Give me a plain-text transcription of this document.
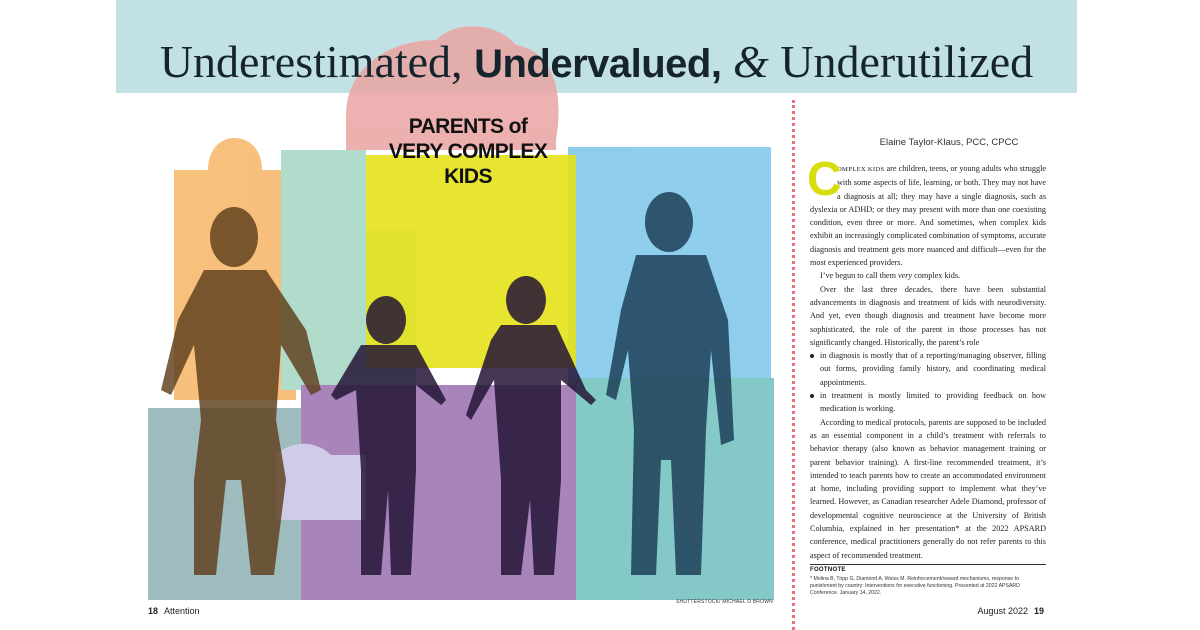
Underestimated, Undervalued, & Underutilized
PARENTS of
VERY COMPLEX
KIDS
SHUTTERSTOCK/ MICHAEL D BROWN
18 Attention	August 2022 19
Elaine Taylor-Klaus, PCC, CPCC

C
OMPLEX KIDS are children, teens, or young adults who struggle with some aspects of life, learning, or both. They may not have a diagnosis at all; they may have a single diagnosis, such as dyslexia or ADHD; or they may present with more than one coexisting condition, even three or more. And sometimes, when complex kids exhibit an increasingly complicated combination of symptoms, accurate diagnosis and treatment gets more nuanced and difficult—even for the most experienced providers.

I’ve begun to call them very complex kids.

Over the last three decades, there have been substantial advancements in diagnosis and treatment of kids with neurodiversity. And yet, even though diagnosis and treatment have become more sophisticated, the role of the parent in those processes has not significantly changed. Historically, the parent’s role

in diagnosis is mostly that of a reporting/managing observer, filling out forms, providing family history, and coordinating medical appointments.
in treatment is mostly limited to providing feedback on how medication is working.

According to medical protocols, parents are supposed to be included as an essential component in a child’s treatment with referrals to behavior therapy (also known as behavior management training or parent behavior training). A first-line recommended treatment, it’s intended to teach parents how to create an accommodated environment at home, including providing support to implement what they’ve learned. However, as Canadian researcher Adele Diamond, professor of developmental cognitive neuroscience at the University of British Columbia, explained in her presentation* at the 2022 APSARD conference, medical practitioners generally do not refer parents to this aspect of recommended treatment.

FOOTNOTE
* Molina B, Tripp G, Diamond A, Weiss M. Reinforcement/reward mechanisms, response to punishment by country: Interventions for executive functioning. Presented at 2022 APSARD Conference. January 14, 2022.
